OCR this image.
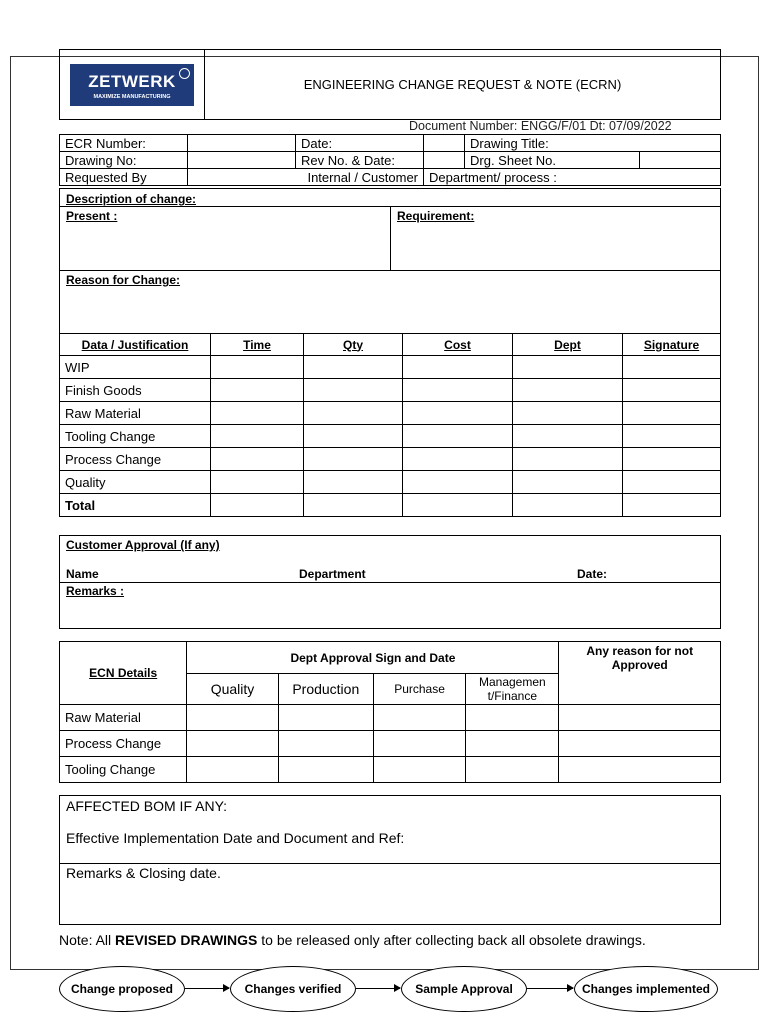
ZETWERK
MAXIMIZE MANUFACTURING
	ENGINEERING CHANGE REQUEST & NOTE (ECRN)
Document Number: ENGG/F/01 Dt: 07/09/2022
ECR Number:		Date:		Drawing Title:	
Drawing No:		Rev No. & Date:		Drg. Sheet No.	
Requested By	Internal / Customer		Department/ process :		
Description of change:
Present :	Requirement:
Reason for Change:
Data / Justification	Time	Qty	Cost	Dept	Signature
WIP					
Finish Goods					
Raw Material					
Tooling Change					
Process Change					
Quality					
Total					
Customer Approval (If any)
Name	Department	Date:
Remarks :
ECN Details	Dept Approval Sign and Date				Any reason for not Approved
	Quality	Production	Purchase	Managemen t/Finance	
Raw Material					
Process Change					
Tooling Change					
AFFECTED BOM IF ANY:
Effective Implementation Date and Document and Ref:
Remarks & Closing date.
Note: All REVISED DRAWINGS to be released only after collecting back all obsolete drawings.
Change proposed	Changes verified	Sample Approval	Changes implemented
